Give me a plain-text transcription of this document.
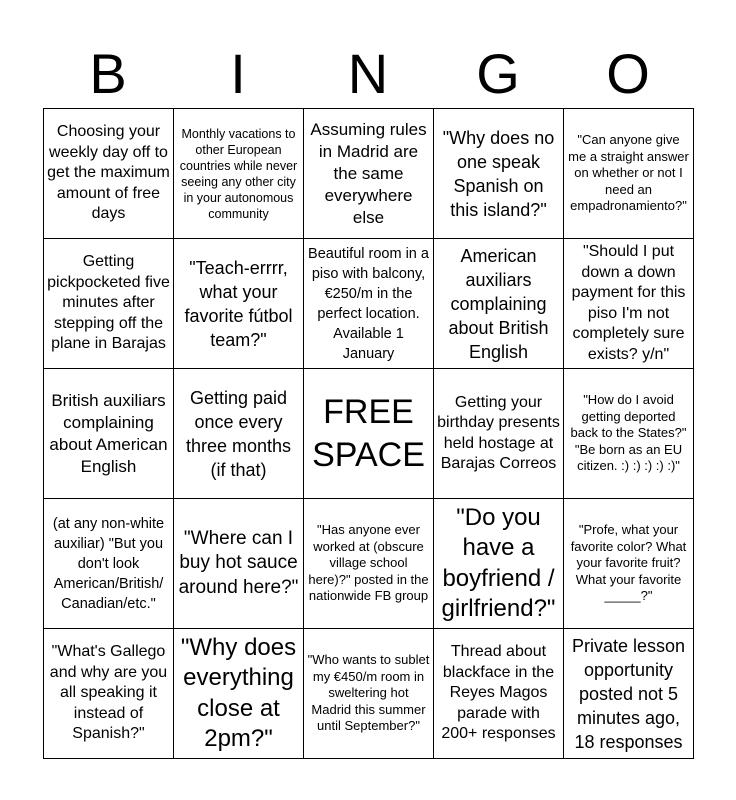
B	I	N	G	O
Choosing your weekly day off to get the maximum amount of free days
Monthly vacations to other European countries while never seeing any other city in your autonomous community
Assuming rules in Madrid are the same everywhere else
"Why does no one speak Spanish on this island?"
"Can anyone give me a straight answer on whether or not I need an empadronamiento?"
Getting pickpocketed five minutes after stepping off the plane in Barajas
"Teach-errrr, what your favorite fútbol team?"
Beautiful room in a piso with balcony, €250/m in the perfect location. Available 1 January
American auxiliars complaining about British English
"Should I put down a down payment for this piso I'm not completely sure exists? y/n"
British auxiliars complaining about American English
Getting paid once every three months (if that)
FREE SPACE
Getting your birthday presents held hostage at Barajas Correos
"How do I avoid getting deported back to the States?"
"Be born as an EU citizen. :) :) :) :) :)"
(at any non-white auxiliar) "But you don't look American/British/ Canadian/etc."
"Where can I buy hot sauce around here?"
"Has anyone ever worked at (obscure village school here)?" posted in the nationwide FB group
"Do you have a boyfriend / girlfriend?"
"Profe, what your favorite color? What your favorite fruit? What your favorite _____?"
"What's Gallego and why are you all speaking it instead of Spanish?"
"Why does everything close at 2pm?"
"Who wants to sublet my €450/m room in sweltering hot Madrid this summer until September?"
Thread about blackface in the Reyes Magos parade with 200+ responses
Private lesson opportunity posted not 5 minutes ago, 18 responses
